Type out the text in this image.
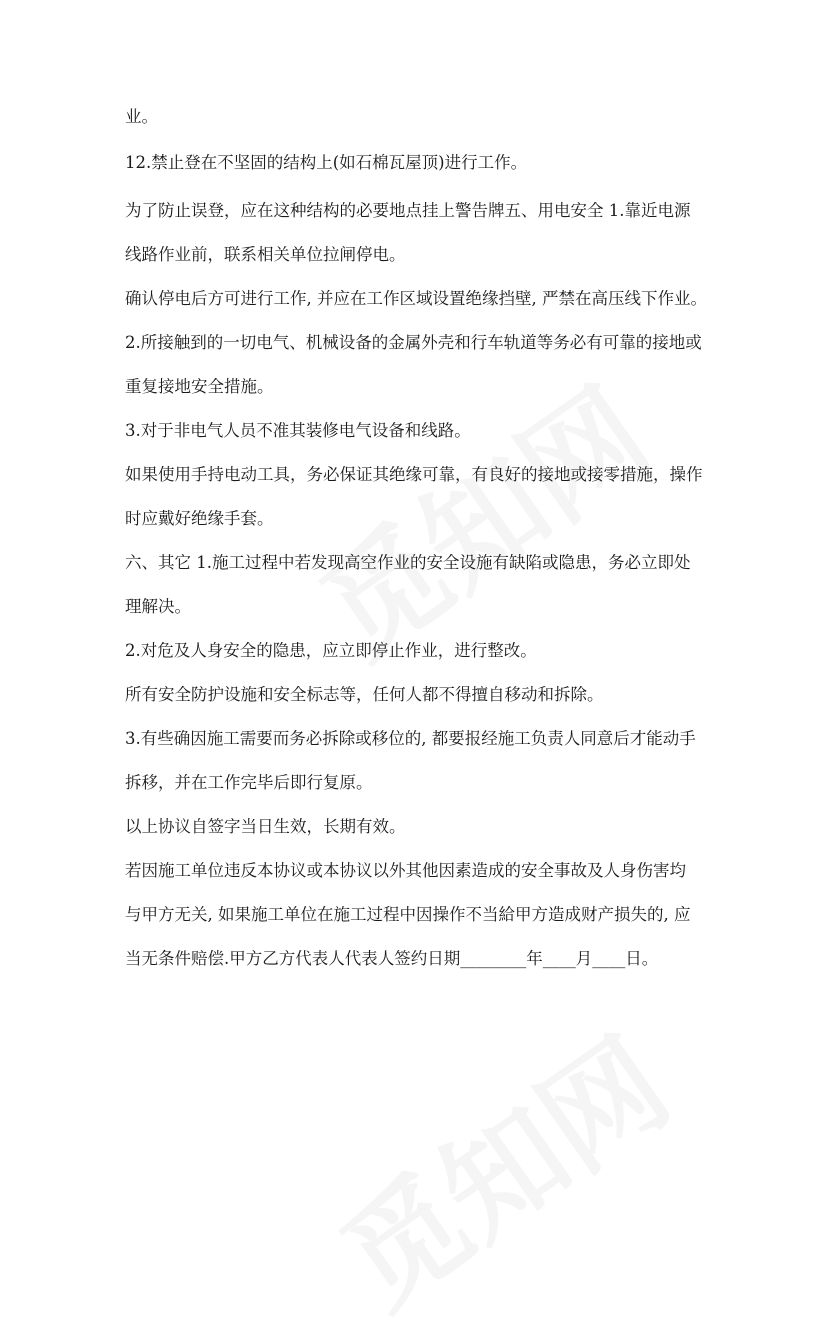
业。
12.禁止登在不坚固的结构上(如石棉瓦屋顶)进行工作。
为了防止误登，应在这种结构的必要地点挂上警告牌五、用电安全 1.靠近电源
线路作业前，联系相关单位拉闸停电。
确认停电后方可进行工作, 并应在工作区域设置绝缘挡壁, 严禁在高压线下作业。
2.所接触到的一切电气、机械设备的金属外壳和行车轨道等务必有可靠的接地或
重复接地安全措施。
3.对于非电气人员不准其装修电气设备和线路。
如果使用手持电动工具，务必保证其绝缘可靠，有良好的接地或接零措施，操作
时应戴好绝缘手套。
六、其它 1.施工过程中若发现高空作业的安全设施有缺陷或隐患，务必立即处
理解决。
2.对危及人身安全的隐患，应立即停止作业，进行整改。
所有安全防护设施和安全标志等，任何人都不得擅自移动和拆除。
3.有些确因施工需要而务必拆除或移位的, 都要报经施工负责人同意后才能动手
拆移，并在工作完毕后即行复原。
以上协议自签字当日生效，长期有效。
若因施工单位违反本协议或本协议以外其他因素造成的安全事故及人身伤害均
与甲方无关, 如果施工单位在施工过程中因操作不当給甲方造成财产损失的, 应
当无条件赔偿.甲方乙方代表人代表人签约日期________年____月____日。
